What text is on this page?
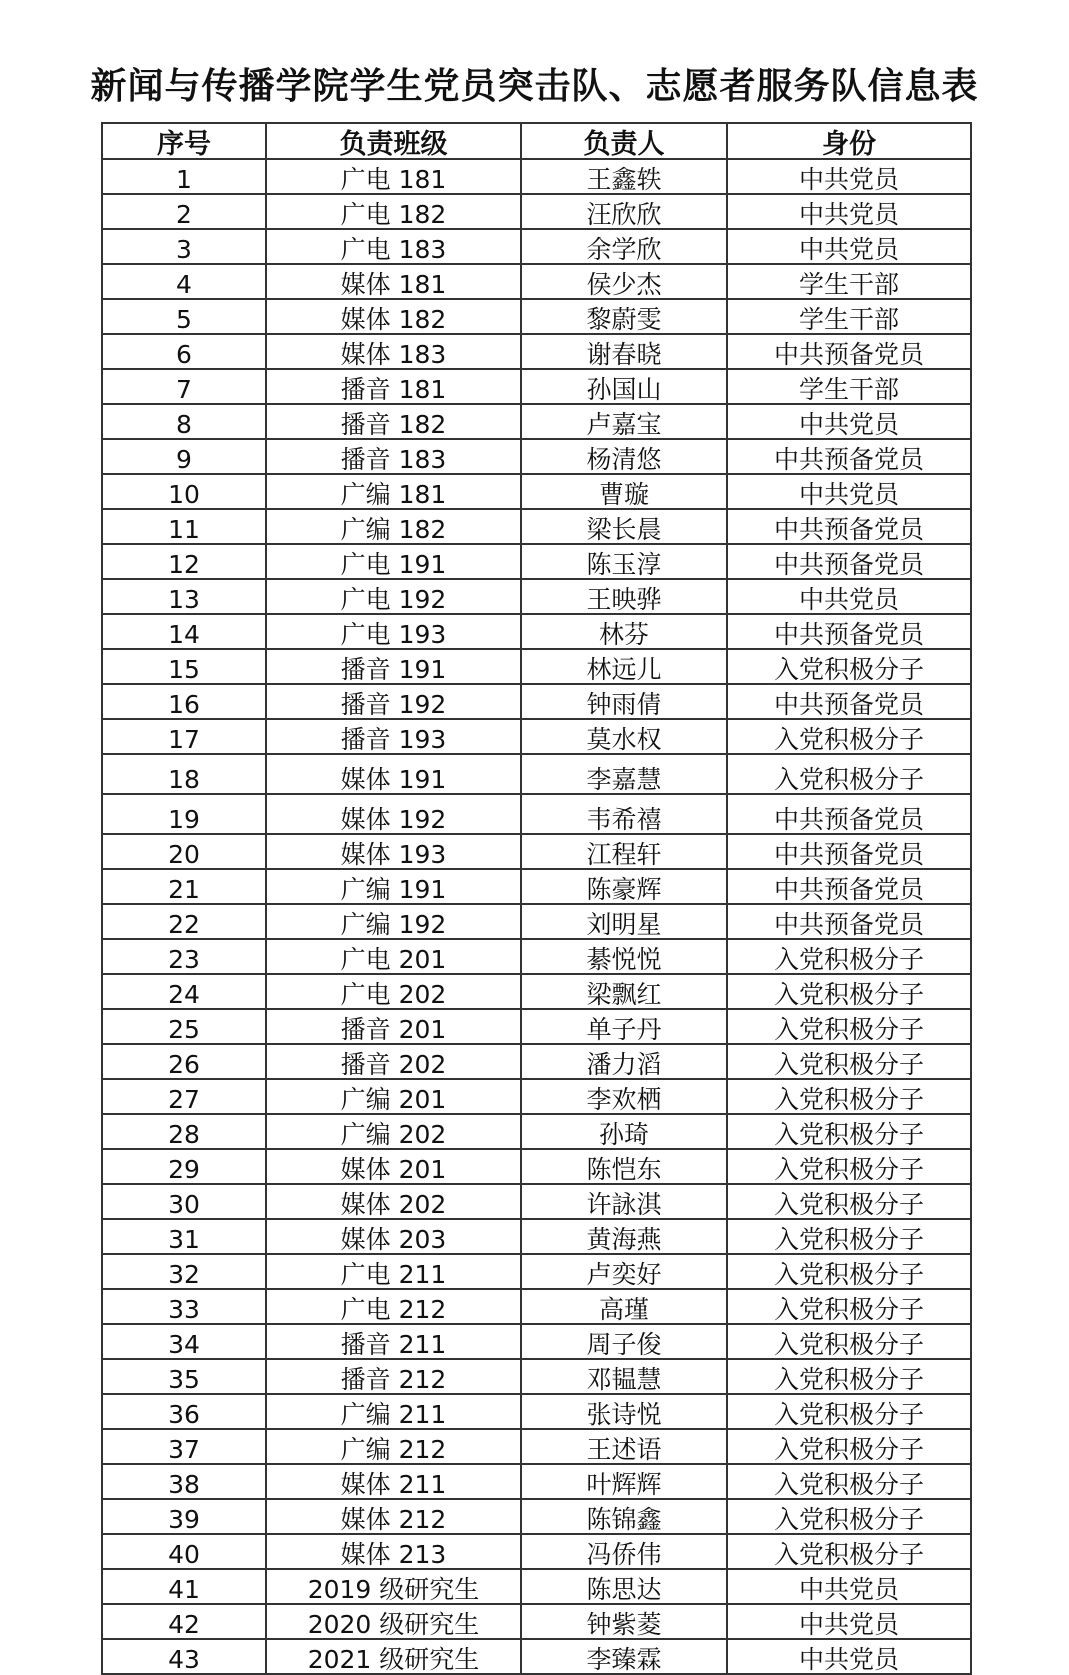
新闻与传播学院学生党员突击队、志愿者服务队信息表
序号	负责班级	负责人	身份
1	广电 181	王鑫轶	中共党员
2	广电 182	汪欣欣	中共党员
3	广电 183	余学欣	中共党员
4	媒体 181	侯少杰	学生干部
5	媒体 182	黎蔚雯	学生干部
6	媒体 183	谢春晓	中共预备党员
7	播音 181	孙国山	学生干部
8	播音 182	卢嘉宝	中共党员
9	播音 183	杨清悠	中共预备党员
10	广编 181	曹璇	中共党员
11	广编 182	梁长晨	中共预备党员
12	广电 191	陈玉淳	中共预备党员
13	广电 192	王映骅	中共党员
14	广电 193	林芬	中共预备党员
15	播音 191	林远儿	入党积极分子
16	播音 192	钟雨倩	中共预备党员
17	播音 193	莫水权	入党积极分子
18	媒体 191	李嘉慧	入党积极分子
19	媒体 192	韦希禧	中共预备党员
20	媒体 193	江程轩	中共预备党员
21	广编 191	陈豪辉	中共预备党员
22	广编 192	刘明星	中共预备党员
23	广电 201	綦悦悦	入党积极分子
24	广电 202	梁飘红	入党积极分子
25	播音 201	单子丹	入党积极分子
26	播音 202	潘力滔	入党积极分子
27	广编 201	李欢栖	入党积极分子
28	广编 202	孙琦	入党积极分子
29	媒体 201	陈恺东	入党积极分子
30	媒体 202	许詠淇	入党积极分子
31	媒体 203	黄海燕	入党积极分子
32	广电 211	卢奕好	入党积极分子
33	广电 212	高瑾	入党积极分子
34	播音 211	周子俊	入党积极分子
35	播音 212	邓韫慧	入党积极分子
36	广编 211	张诗悦	入党积极分子
37	广编 212	王述语	入党积极分子
38	媒体 211	叶辉辉	入党积极分子
39	媒体 212	陈锦鑫	入党积极分子
40	媒体 213	冯侨伟	入党积极分子
41	2019 级研究生	陈思达	中共党员
42	2020 级研究生	钟紫菱	中共党员
43	2021 级研究生	李臻霖	中共党员
